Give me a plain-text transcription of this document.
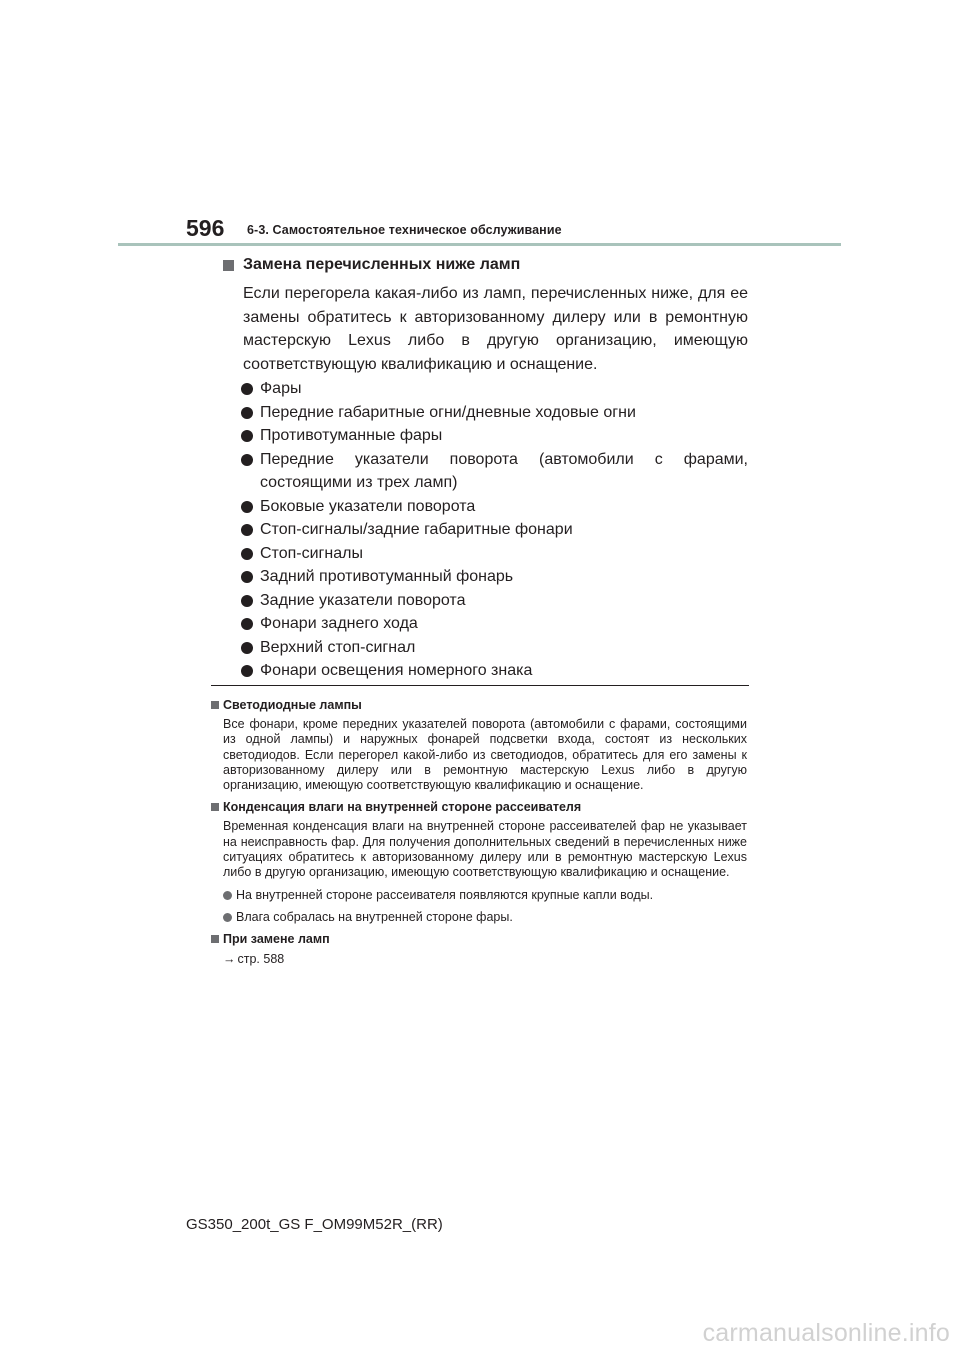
596 6-3. Самостоятельное техническое обслуживание
Замена перечисленных ниже ламп
Если перегорела какая-либо из ламп, перечисленных ниже, для ее замены обратитесь к авторизованному дилеру или в ремонтную мастерскую Lexus либо в другую организацию, имеющую соответствующую квалификацию и оснащение.
Фары
Передние габаритные огни/дневные ходовые огни
Противотуманные фары
Передние указатели поворота (автомобили с фарами, состоящими из трех ламп)
Боковые указатели поворота
Стоп-сигналы/задние габаритные фонари
Стоп-сигналы
Задний противотуманный фонарь
Задние указатели поворота
Фонари заднего хода
Верхний стоп-сигнал
Фонари освещения номерного знака
Светодиодные лампы
Все фонари, кроме передних указателей поворота (автомобили с фарами, состоящими из одной лампы) и наружных фонарей подсветки входа, состоят из нескольких светодиодов. Если перегорел какой-либо из светодиодов, обратитесь для его замены к авторизованному дилеру или в ремонтную мастерскую Lexus либо в другую организацию, имеющую соответствующую квалификацию и оснащение.
Конденсация влаги на внутренней стороне рассеивателя
Временная конденсация влаги на внутренней стороне рассеивателей фар не указывает на неисправность фар. Для получения дополнительных сведений в перечисленных ниже ситуациях обратитесь к авторизованному дилеру или в ремонтную мастерскую Lexus либо в другую организацию, имеющую соответствующую квалификацию и оснащение.
На внутренней стороне рассеивателя появляются крупные капли воды.
Влага собралась на внутренней стороне фары.
При замене ламп
→ стр. 588
GS350_200t_GS F_OM99M52R_(RR)
carmanualsonline.info
